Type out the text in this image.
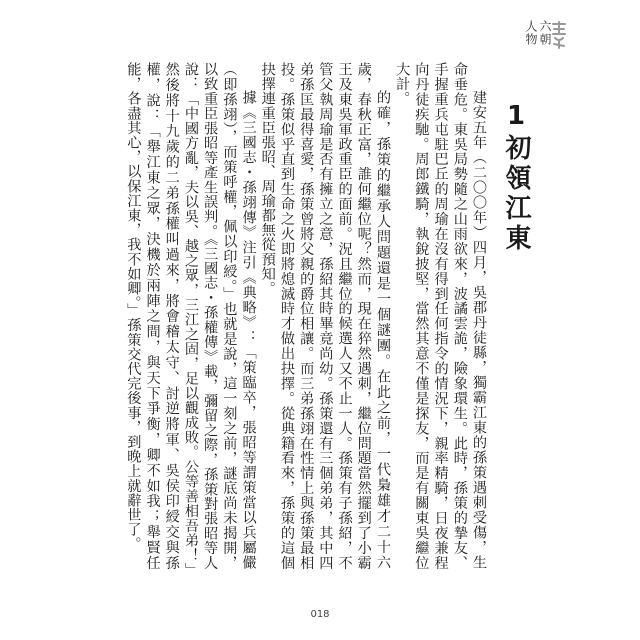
六朝
人物
1
初領江東

建安五年（二〇〇年）四月，吳郡丹徒縣，獨霸江東的孫策遇刺受傷，生命垂危。東吳局勢隨之山雨欲來，波譎雲詭，險象環生。此時，孫策的摯友、手握重兵屯駐巴丘的周瑜在沒有得到任何指令的情況下，親率精騎，日夜兼程向丹徒疾馳。周郎鐵騎，執銳披堅，當然其意不僅是探友，而是有關東吳繼位大計。

的確，孫策的繼承人問題還是一個謎團。在此之前，一代梟雄才二十六歲，春秋正富，誰何繼位呢？然而，現在猝然遇刺，繼位問題當然擺到了小霸王及東吳軍政重臣的面前。況且繼位的候選人又不止一人。孫策有子孫紹，不管父執周瑜是否有擁立之意，孫紹其時畢竟尚幼。孫策還有三個弟弟，其中四弟孫匡最得喜愛，孫策曾將父親的爵位相讓。而三弟孫翊在性情上與孫策最相投。孫策似乎直到生命之火即將熄滅時才做出抉擇。從典籍看來，孫策的這個抉擇連重臣張昭、周瑜都無從預知。

據《三國志・孫翊傳》注引《典略》：「策臨卒，張昭等謂策當以兵屬儼（即孫翊），而策呼權，佩以印綬。」也就是說，這一刻之前，謎底尚未揭開，以致重臣張昭等產生誤判。《三國志・孫權傳》載，彌留之際，孫策對張昭等人說：「中國方亂，夫以吳、越之眾，三江之固，足以觀成敗。公等善相吾弟！」然後將十九歲的二弟孫權叫過來，將會稽太守、討逆將軍、吳侯印綬交與孫權，說：「舉江東之眾，決機於兩陣之間，與天下爭衡，卿不如我；舉賢任能，各盡其心，以保江東，我不如卿。」孫策交代完後事，到晚上就辭世了。

018
